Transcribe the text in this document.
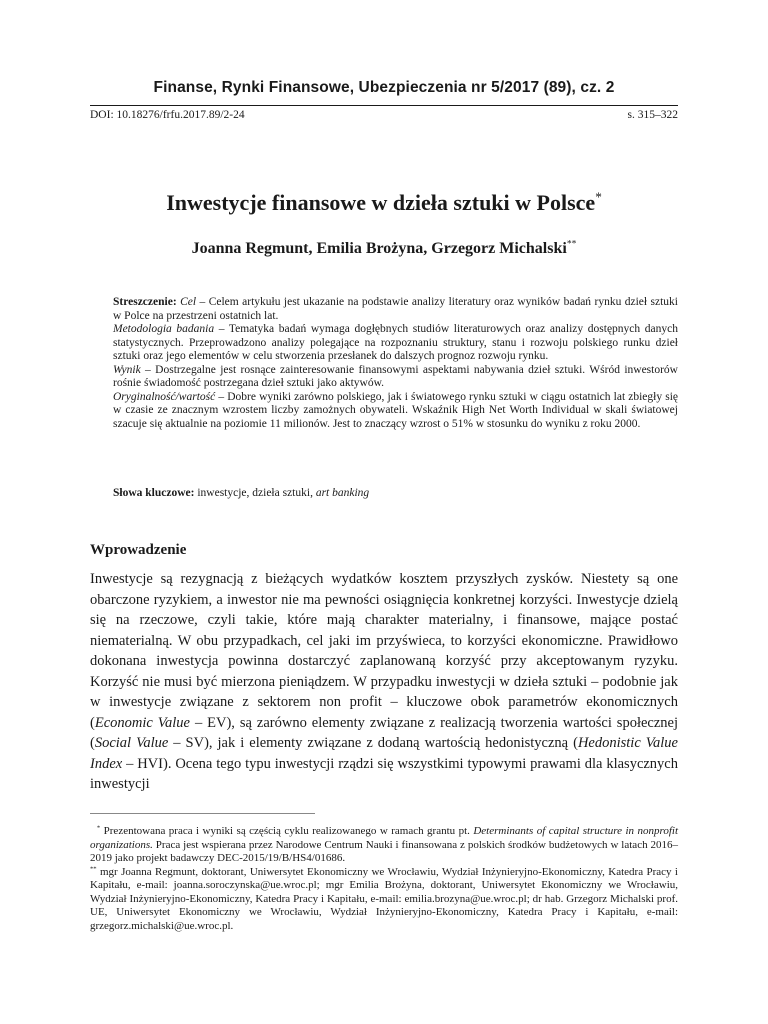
Finanse, Rynki Finansowe, Ubezpieczenia nr 5/2017 (89), cz. 2
DOI: 10.18276/frfu.2017.89/2-24	s. 315–322
Inwestycje finansowe w dzieła sztuki w Polsce*
Joanna Regmunt, Emilia Brożyna, Grzegorz Michalski**

Streszczenie: Cel – Celem artykułu jest ukazanie na podstawie analizy literatury oraz wyników badań rynku dzieł sztuki w Polce na przestrzeni ostatnich lat.

Metodologia badania – Tematyka badań wymaga dogłębnych studiów literaturowych oraz analizy dostępnych danych statystycznych. Przeprowadzono analizy polegające na rozpoznaniu struktury, stanu i rozwoju polskiego runku dzieł sztuki oraz jego elementów w celu stworzenia przesłanek do dalszych prognoz rozwoju rynku.

Wynik – Dostrzegalne jest rosnące zainteresowanie finansowymi aspektami nabywania dzieł sztuki. Wśród inwestorów rośnie świadomość postrzegana dzieł sztuki jako aktywów.

Oryginalność/wartość – Dobre wyniki zarówno polskiego, jak i światowego rynku sztuki w ciągu ostatnich lat zbiegły się w czasie ze znacznym wzrostem liczby zamożnych obywateli. Wskaźnik High Net Worth Individual w skali światowej szacuje się aktualnie na poziomie 11 milionów. Jest to znaczący wzrost o 51% w stosunku do wyniku z roku 2000.

Słowa kluczowe: inwestycje, dzieła sztuki, art banking
Wprowadzenie

Inwestycje są rezygnacją z bieżących wydatków kosztem przyszłych zysków. Niestety są one obarczone ryzykiem, a inwestor nie ma pewności osiągnięcia konkretnej korzyści. Inwestycje dzielą się na rzeczowe, czyli takie, które mają charakter materialny, i finansowe, mające postać niematerialną. W obu przypadkach, cel jaki im przyświeca, to korzyści ekonomiczne. Prawidłowo dokonana inwestycja powinna dostarczyć zaplanowaną korzyść przy akceptowanym ryzyku. Korzyść nie musi być mierzona pieniądzem. W przypadku inwestycji w dzieła sztuki – podobnie jak w inwestycje związane z sektorem non profit – kluczowe obok parametrów ekonomicznych (Economic Value – EV), są zarówno elementy związane z realizacją tworzenia wartości społecznej (Social Value – SV), jak i elementy związane z dodaną wartością hedonistyczną (Hedonistic Value Index – HVI). Ocena tego typu inwestycji rządzi się wszystkimi typowymi prawami dla klasycznych inwestycji

* Prezentowana praca i wyniki są częścią cyklu realizowanego w ramach grantu pt. Determinants of capital structure in nonprofit organizations. Praca jest wspierana przez Narodowe Centrum Nauki i finansowana z polskich środków budżetowych w latach 2016–2019 jako projekt badawczy DEC-2015/19/B/HS4/01686.

** mgr Joanna Regmunt, doktorant, Uniwersytet Ekonomiczny we Wrocławiu, Wydział Inżynieryjno-Ekonomiczny, Katedra Pracy i Kapitału, e-mail: joanna.soroczynska@ue.wroc.pl; mgr Emilia Brożyna, doktorant, Uniwersytet Ekonomiczny we Wrocławiu, Wydział Inżynieryjno-Ekonomiczny, Katedra Pracy i Kapitału, e-mail: emilia.brozyna@ue.wroc.pl; dr hab. Grzegorz Michalski prof. UE, Uniwersytet Ekonomiczny we Wrocławiu, Wydział Inżynieryjno-Ekonomiczny, Katedra Pracy i Kapitału, e-mail: grzegorz.michalski@ue.wroc.pl.
